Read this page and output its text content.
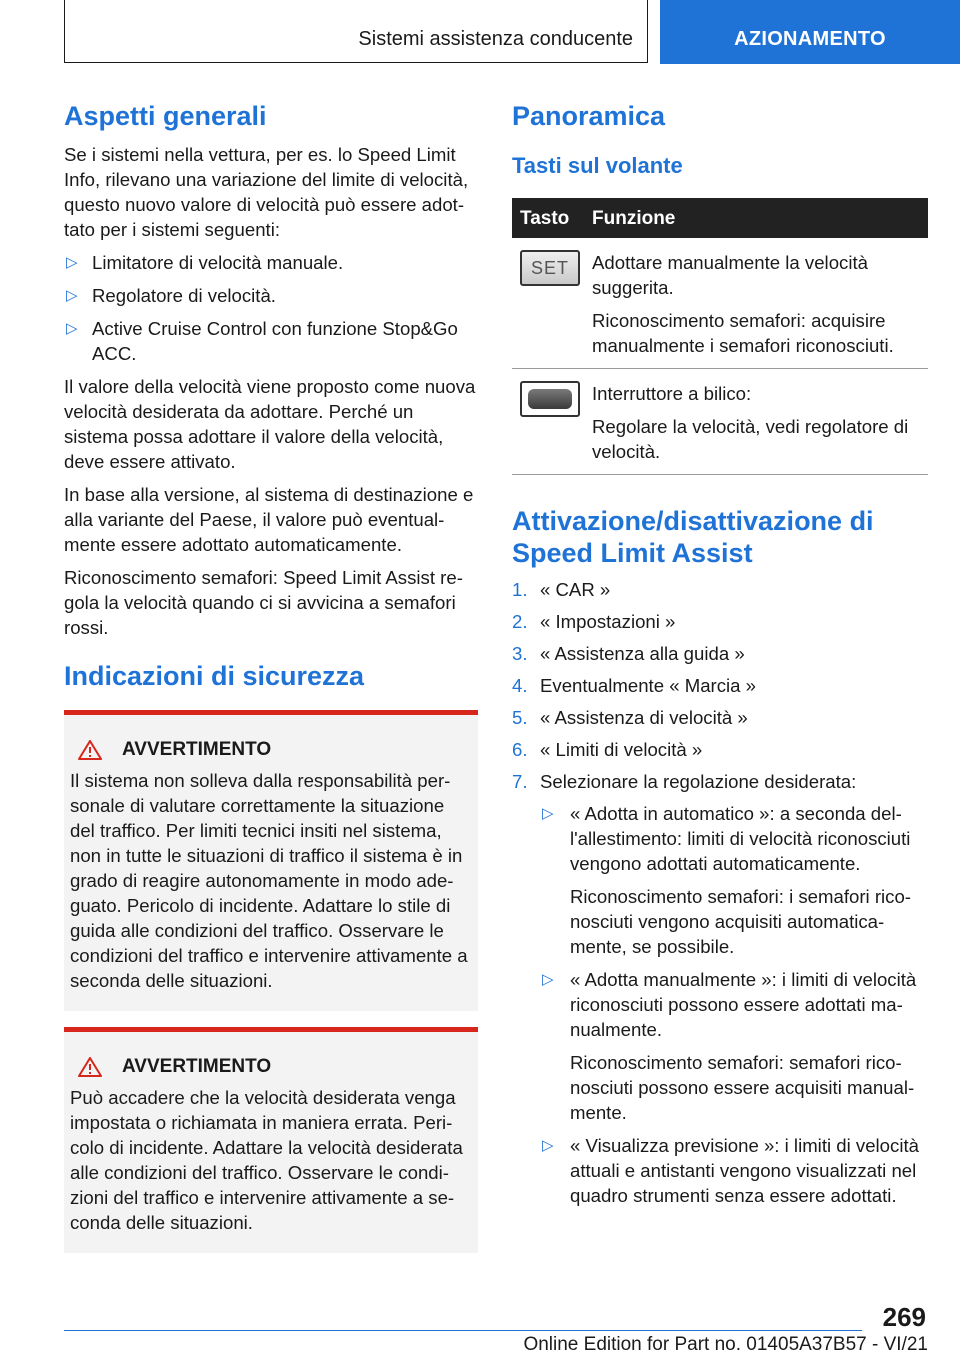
Sistemi assistenza conducente	AZIONAMENTO
Aspetti generali

Se i sistemi nella vettura, per es. lo Speed Limit Info, rilevano una variazione del limite di velocità, questo nuovo valore di velocità può essere adot-tato per i sistemi seguenti:

▷ Limitatore di velocità manuale.
▷ Regolatore di velocità.
▷ Active Cruise Control con funzione Stop&Go ACC.

Il valore della velocità viene proposto come nuova velocità desiderata da adottare. Perché un sistema possa adottare il valore della velocità, deve essere attivato.

In base alla versione, al sistema di destinazione e alla variante del Paese, il valore può eventual-mente essere adottato automaticamente.

Riconoscimento semafori: Speed Limit Assist re-gola la velocità quando ci si avvicina a semafori rossi.

Indicazioni di sicurezza
AVVERTIMENTO

Il sistema non solleva dalla responsabilità per-sonale di valutare correttamente la situazione del traffico. Per limiti tecnici insiti nel sistema, non in tutte le situazioni di traffico il sistema è in grado di reagire autonomamente in modo ade-guato. Pericolo di incidente. Adattare lo stile di guida alle condizioni del traffico. Osservare le condizioni del traffico e intervenire attivamente a seconda delle situazioni.

AVVERTIMENTO

Può accadere che la velocità desiderata venga impostata o richiamata in maniera errata. Peri-colo di incidente. Adattare la velocità desiderata alle condizioni del traffico. Osservare le condi-zioni del traffico e intervenire attivamente a se-conda delle situazioni.

Panoramica
Tasti sul volante
Tasto	Funzione

SET	Adottare manualmente la velocità suggerita.

Riconoscimento semafori: acquisire manualmente i semafori riconosciuti.

	Interruttore a bilico:

Regolare la velocità, vedi regolatore di velocità.

Attivazione/disattivazione di Speed Limit Assist
1. « CAR »
2. « Impostazioni »
3. « Assistenza alla guida »
4. Eventualmente « Marcia »
5. « Assistenza di velocità »
6. « Limiti di velocità »
7. Selezionare la regolazione desiderata:
▷ « Adotta in automatico »: a seconda del-l'allestimento: limiti di velocità riconosciuti vengono adottati automaticamente.

Riconoscimento semafori: i semafori rico-nosciuti vengono acquisiti automatica-mente, se possibile.

▷ « Adotta manualmente »: i limiti di velocità riconosciuti possono essere adottati ma-nualmente.

Riconoscimento semafori: semafori rico-nosciuti possono essere acquisiti manual-mente.

▷ « Visualizza previsione »: i limiti di velocità attuali e antistanti vengono visualizzati nel quadro strumenti senza essere adottati.
269
Online Edition for Part no. 01405A37B57 - VI/21
